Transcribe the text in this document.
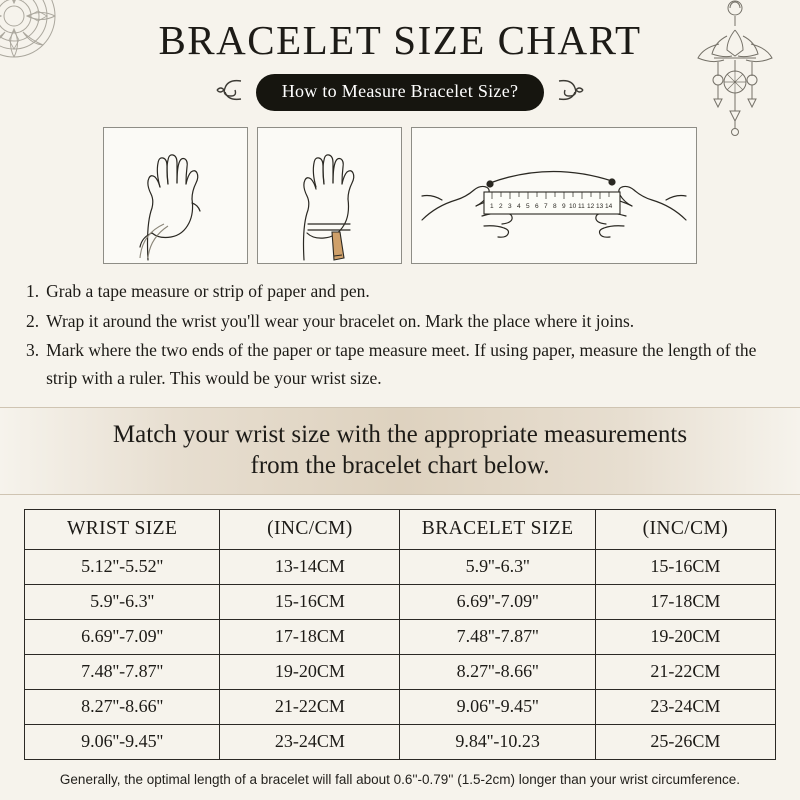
BRACELET SIZE CHART
How to Measure Bracelet Size?
1 2 3 4 5 6 7 8 9 10 11 12 13 14
1. Grab a tape measure or strip of paper and pen.
2. Wrap it around the wrist you'll wear your bracelet on. Mark the place where it joins.
3. Mark where the two ends of the paper or tape measure meet. If using paper, measure the length of the strip with a ruler. This would be your wrist size.
Match your wrist size with the appropriate measurements
from the bracelet chart below.
WRIST SIZE	(INC/CM)	BRACELET SIZE	(INC/CM)
5.12''-5.52''	13-14CM	5.9''-6.3''	15-16CM
5.9''-6.3''	15-16CM	6.69''-7.09''	17-18CM
6.69''-7.09''	17-18CM	7.48''-7.87''	19-20CM
7.48''-7.87''	19-20CM	8.27''-8.66''	21-22CM
8.27''-8.66''	21-22CM	9.06''-9.45''	23-24CM
9.06''-9.45''	23-24CM	9.84''-10.23	25-26CM
Generally, the optimal length of a bracelet will fall about 0.6''-0.79'' (1.5-2cm) longer than your wrist circumference.
